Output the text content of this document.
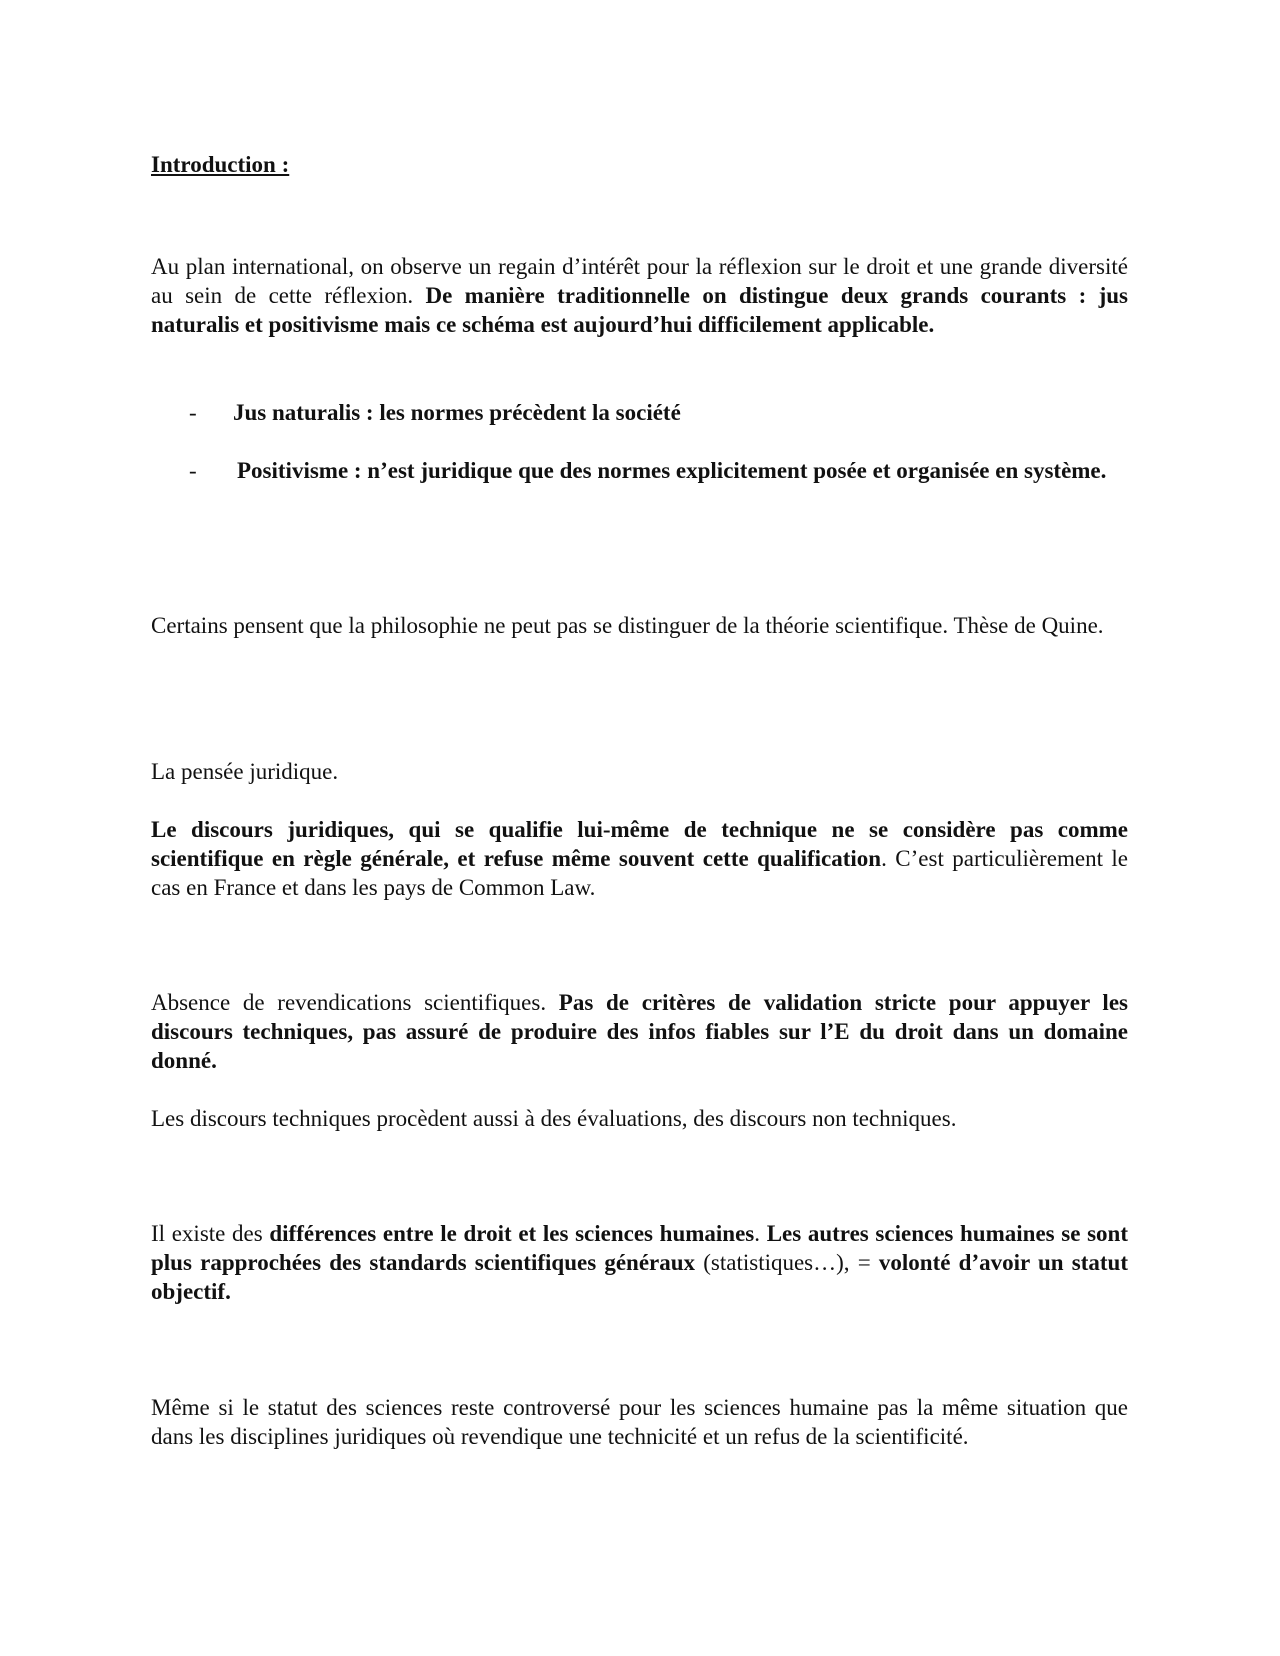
Introduction :

Au plan international, on observe un regain d’intérêt pour la réflexion sur le droit et une grande diversité au sein de cette réflexion. De manière traditionnelle on distingue deux grands courants : jus naturalis et positivisme mais ce schéma est aujourd’hui difficilement applicable.

-	Jus naturalis : les normes précèdent la société
-	Positivisme : n’est juridique que des normes explicitement posée et organisée en système.

Certains pensent que la philosophie ne peut pas se distinguer de la théorie scientifique. Thèse de Quine.

La pensée juridique.

Le discours juridiques, qui se qualifie lui-même de technique ne se considère pas comme scientifique en règle générale, et refuse même souvent cette qualification. C’est particulièrement le cas en France et dans les pays de Common Law.

Absence de revendications scientifiques. Pas de critères de validation stricte pour appuyer les discours techniques, pas assuré de produire des infos fiables sur l’E du droit dans un domaine donné.

Les discours techniques procèdent aussi à des évaluations, des discours non techniques.

Il existe des différences entre le droit et les sciences humaines. Les autres sciences humaines se sont plus rapprochées des standards scientifiques généraux (statistiques…), = volonté d’avoir un statut objectif.

Même si le statut des sciences reste controversé pour les sciences humaine pas la même situation que dans les disciplines juridiques où revendique une technicité et un refus de la scientificité.
